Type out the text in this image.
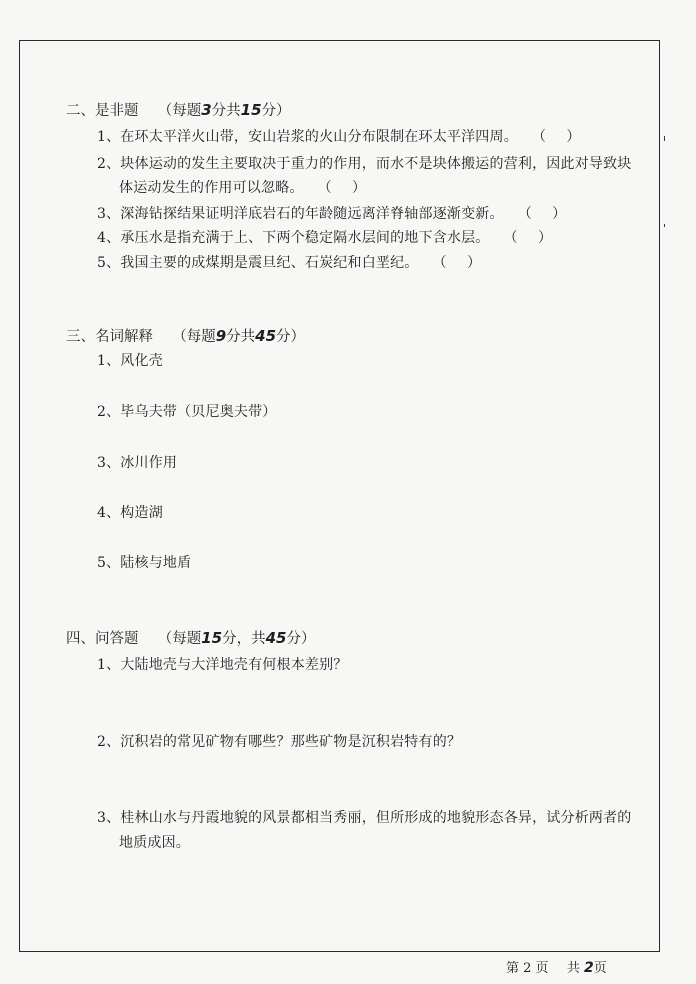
二、是非题 （每题3分共15分）
1、在环太平洋火山带，安山岩浆的火山分布限制在环太平洋四周。 （ ）
2、块体运动的发生主要取决于重力的作用，而水不是块体搬运的营利，因此对导致块
体运动发生的作用可以忽略。 （ ）
3、深海钻探结果证明洋底岩石的年龄随远离洋脊轴部逐渐变新。 （ ）
4、承压水是指充满于上、下两个稳定隔水层间的地下含水层。 （ ）
5、我国主要的成煤期是震旦纪、石炭纪和白垩纪。 （ ）
三、名词解释 （每题9分共45分）
1、风化壳
2、毕乌夫带（贝尼奥夫带）
3、冰川作用
4、构造湖
5、陆核与地盾
四、问答题 （每题15分，共45分）
1、大陆地壳与大洋地壳有何根本差别？
2、沉积岩的常见矿物有哪些？那些矿物是沉积岩特有的？
3、桂林山水与丹霞地貌的风景都相当秀丽，但所形成的地貌形态各异，试分析两者的
地质成因。
第 2 页 共 2页
